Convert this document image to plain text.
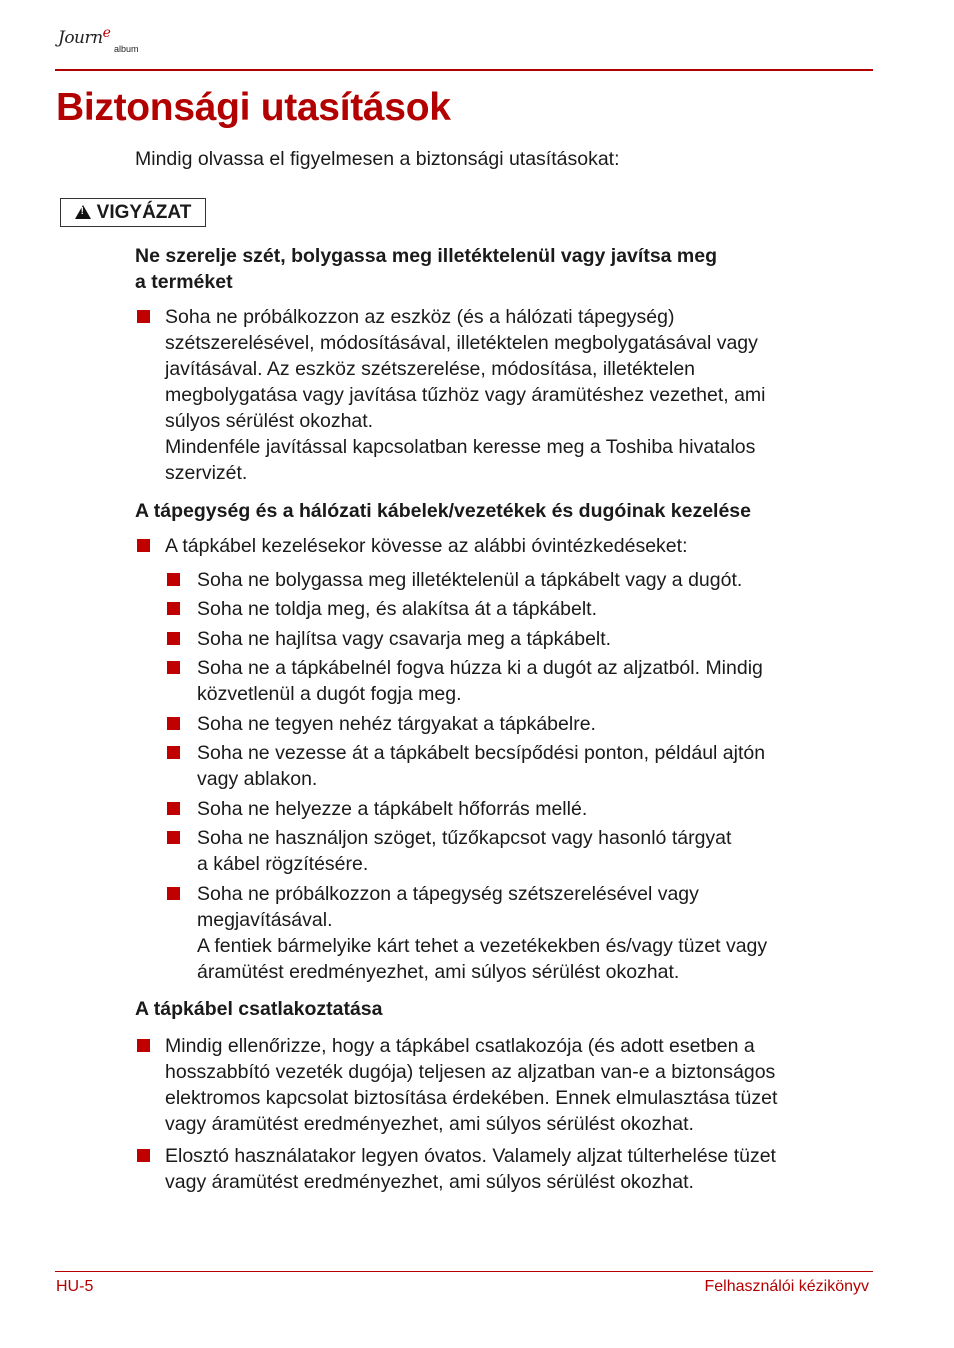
Journ$^e$
album
Biztonsági utasítások

Mindig olvassa el figyelmesen a biztonsági utasításokat:

!
VIGYÁZAT
Ne szerelje szét, bolygassa meg illetéktelenül vagy javítsa meg
a terméket
Soha ne próbálkozzon az eszköz (és a hálózati tápegység)
szétszerelésével, módosításával, illetéktelen megbolygatásával vagy
javításával. Az eszköz szétszerelése, módosítása, illetéktelen
megbolygatása vagy javítása tűzhöz vagy áramütéshez vezethet, ami
súlyos sérülést okozhat.
Mindenféle javítással kapcsolatban keresse meg a Toshiba hivatalos
szervizét.
A tápegység és a hálózati kábelek/vezetékek és dugóinak kezelése
A tápkábel kezelésekor kövesse az alábbi óvintézkedéseket:
Soha ne bolygassa meg illetéktelenül a tápkábelt vagy a dugót.
Soha ne toldja meg, és alakítsa át a tápkábelt.
Soha ne hajlítsa vagy csavarja meg a tápkábelt.
Soha ne a tápkábelnél fogva húzza ki a dugót az aljzatból. Mindig
közvetlenül a dugót fogja meg.
Soha ne tegyen nehéz tárgyakat a tápkábelre.
Soha ne vezesse át a tápkábelt becsípődési ponton, például ajtón
vagy ablakon.
Soha ne helyezze a tápkábelt hőforrás mellé.
Soha ne használjon szöget, tűzőkapcsot vagy hasonló tárgyat
a kábel rögzítésére.
Soha ne próbálkozzon a tápegység szétszerelésével vagy
megjavításával.
A fentiek bármelyike kárt tehet a vezetékekben és/vagy tüzet vagy
áramütést eredményezhet, ami súlyos sérülést okozhat.
A tápkábel csatlakoztatása
Mindig ellenőrizze, hogy a tápkábel csatlakozója (és adott esetben a
hosszabbító vezeték dugója) teljesen az aljzatban van-e a biztonságos
elektromos kapcsolat biztosítása érdekében. Ennek elmulasztása tüzet
vagy áramütést eredményezhet, ami súlyos sérülést okozhat.
Elosztó használatakor legyen óvatos. Valamely aljzat túlterhelése tüzet
vagy áramütést eredményezhet, ami súlyos sérülést okozhat.
HU-5	Felhasználói kézikönyv
